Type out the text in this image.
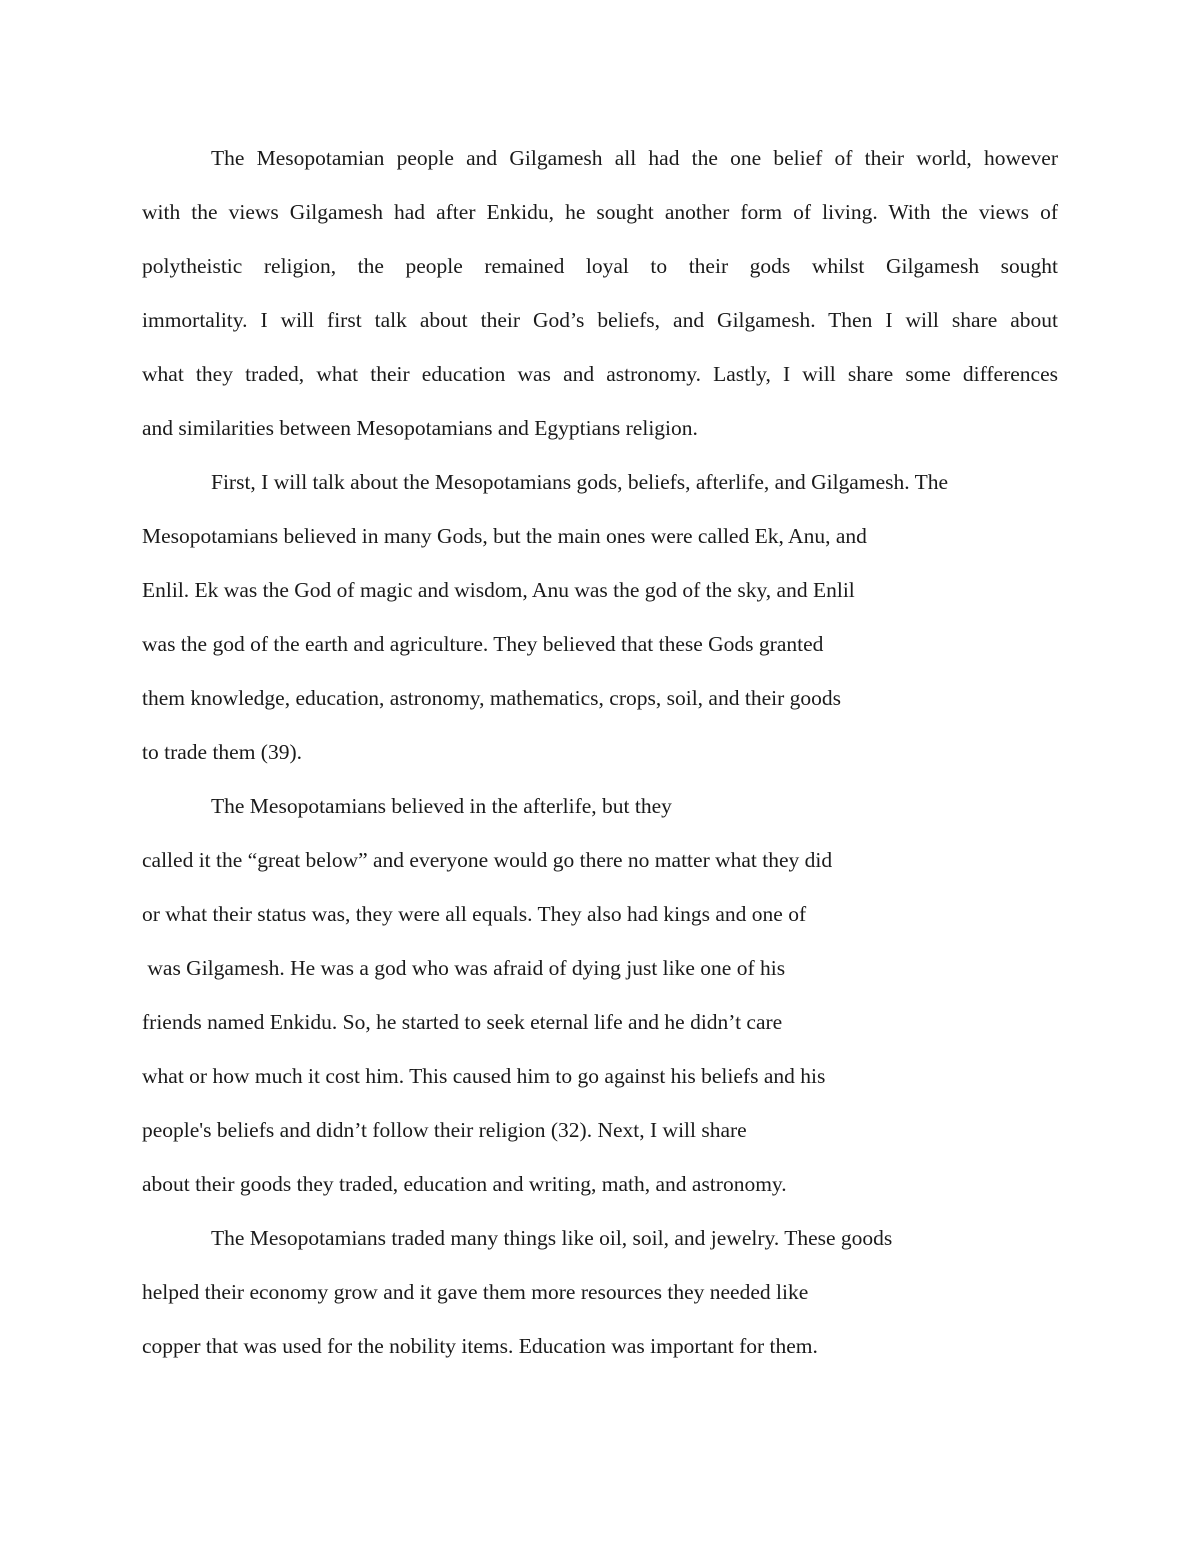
The Mesopotamian people and Gilgamesh all had the one belief of their world, however

with the views Gilgamesh had after Enkidu, he sought another form of living. With the views of

polytheistic religion, the people remained loyal to their gods whilst Gilgamesh sought

immortality. I will first talk about their God’s beliefs, and Gilgamesh. Then I will share about

what they traded, what their education was and astronomy. Lastly, I will share some differences

and similarities between Mesopotamians and Egyptians religion.

First, I will talk about the Mesopotamians gods, beliefs, afterlife, and Gilgamesh. The

Mesopotamians believed in many Gods, but the main ones were called Ek, Anu, and

Enlil. Ek was the God of magic and wisdom, Anu was the god of the sky, and Enlil

was the god of the earth and agriculture. They believed that these Gods granted

them knowledge, education, astronomy, mathematics, crops, soil, and their goods

to trade them (39).

The Mesopotamians believed in the afterlife, but they

called it the “great below” and everyone would go there no matter what they did

or what their status was, they were all equals. They also had kings and one of

was Gilgamesh. He was a god who was afraid of dying just like one of his

friends named Enkidu. So, he started to seek eternal life and he didn’t care

what or how much it cost him. This caused him to go against his beliefs and his

people's beliefs and didn’t follow their religion (32). Next, I will share

about their goods they traded, education and writing, math, and astronomy.

The Mesopotamians traded many things like oil, soil, and jewelry. These goods

helped their economy grow and it gave them more resources they needed like

copper that was used for the nobility items. Education was important for them.
